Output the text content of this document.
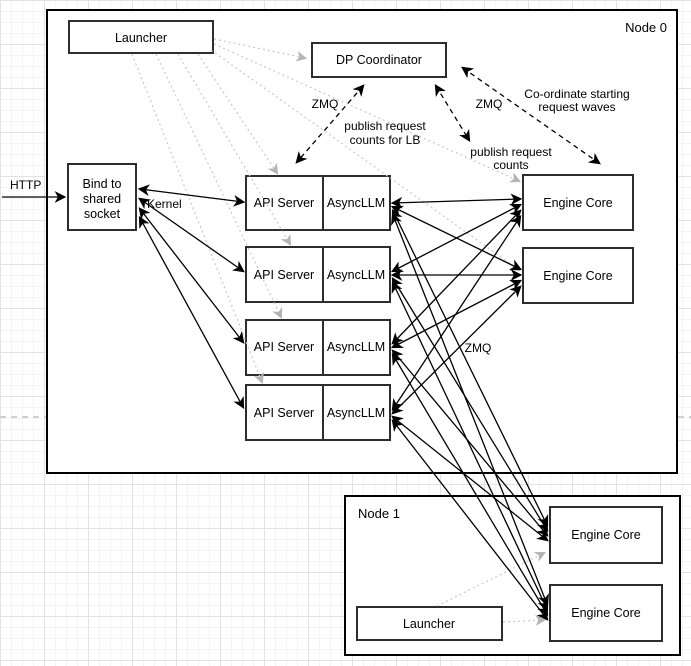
Node 0
Node 1
Launcher
DP Coordinator
Bind to
shared
socket
API Server AsyncLLM
API Server AsyncLLM
API Server AsyncLLM
API Server AsyncLLM
Engine Core
Engine Core
Launcher
Engine Core
Engine Core
HTTP
Kernel
ZMQ	ZMQ
ZMQ
publish request
counts for LB
publish request
counts
Co-ordinate starting
request waves
